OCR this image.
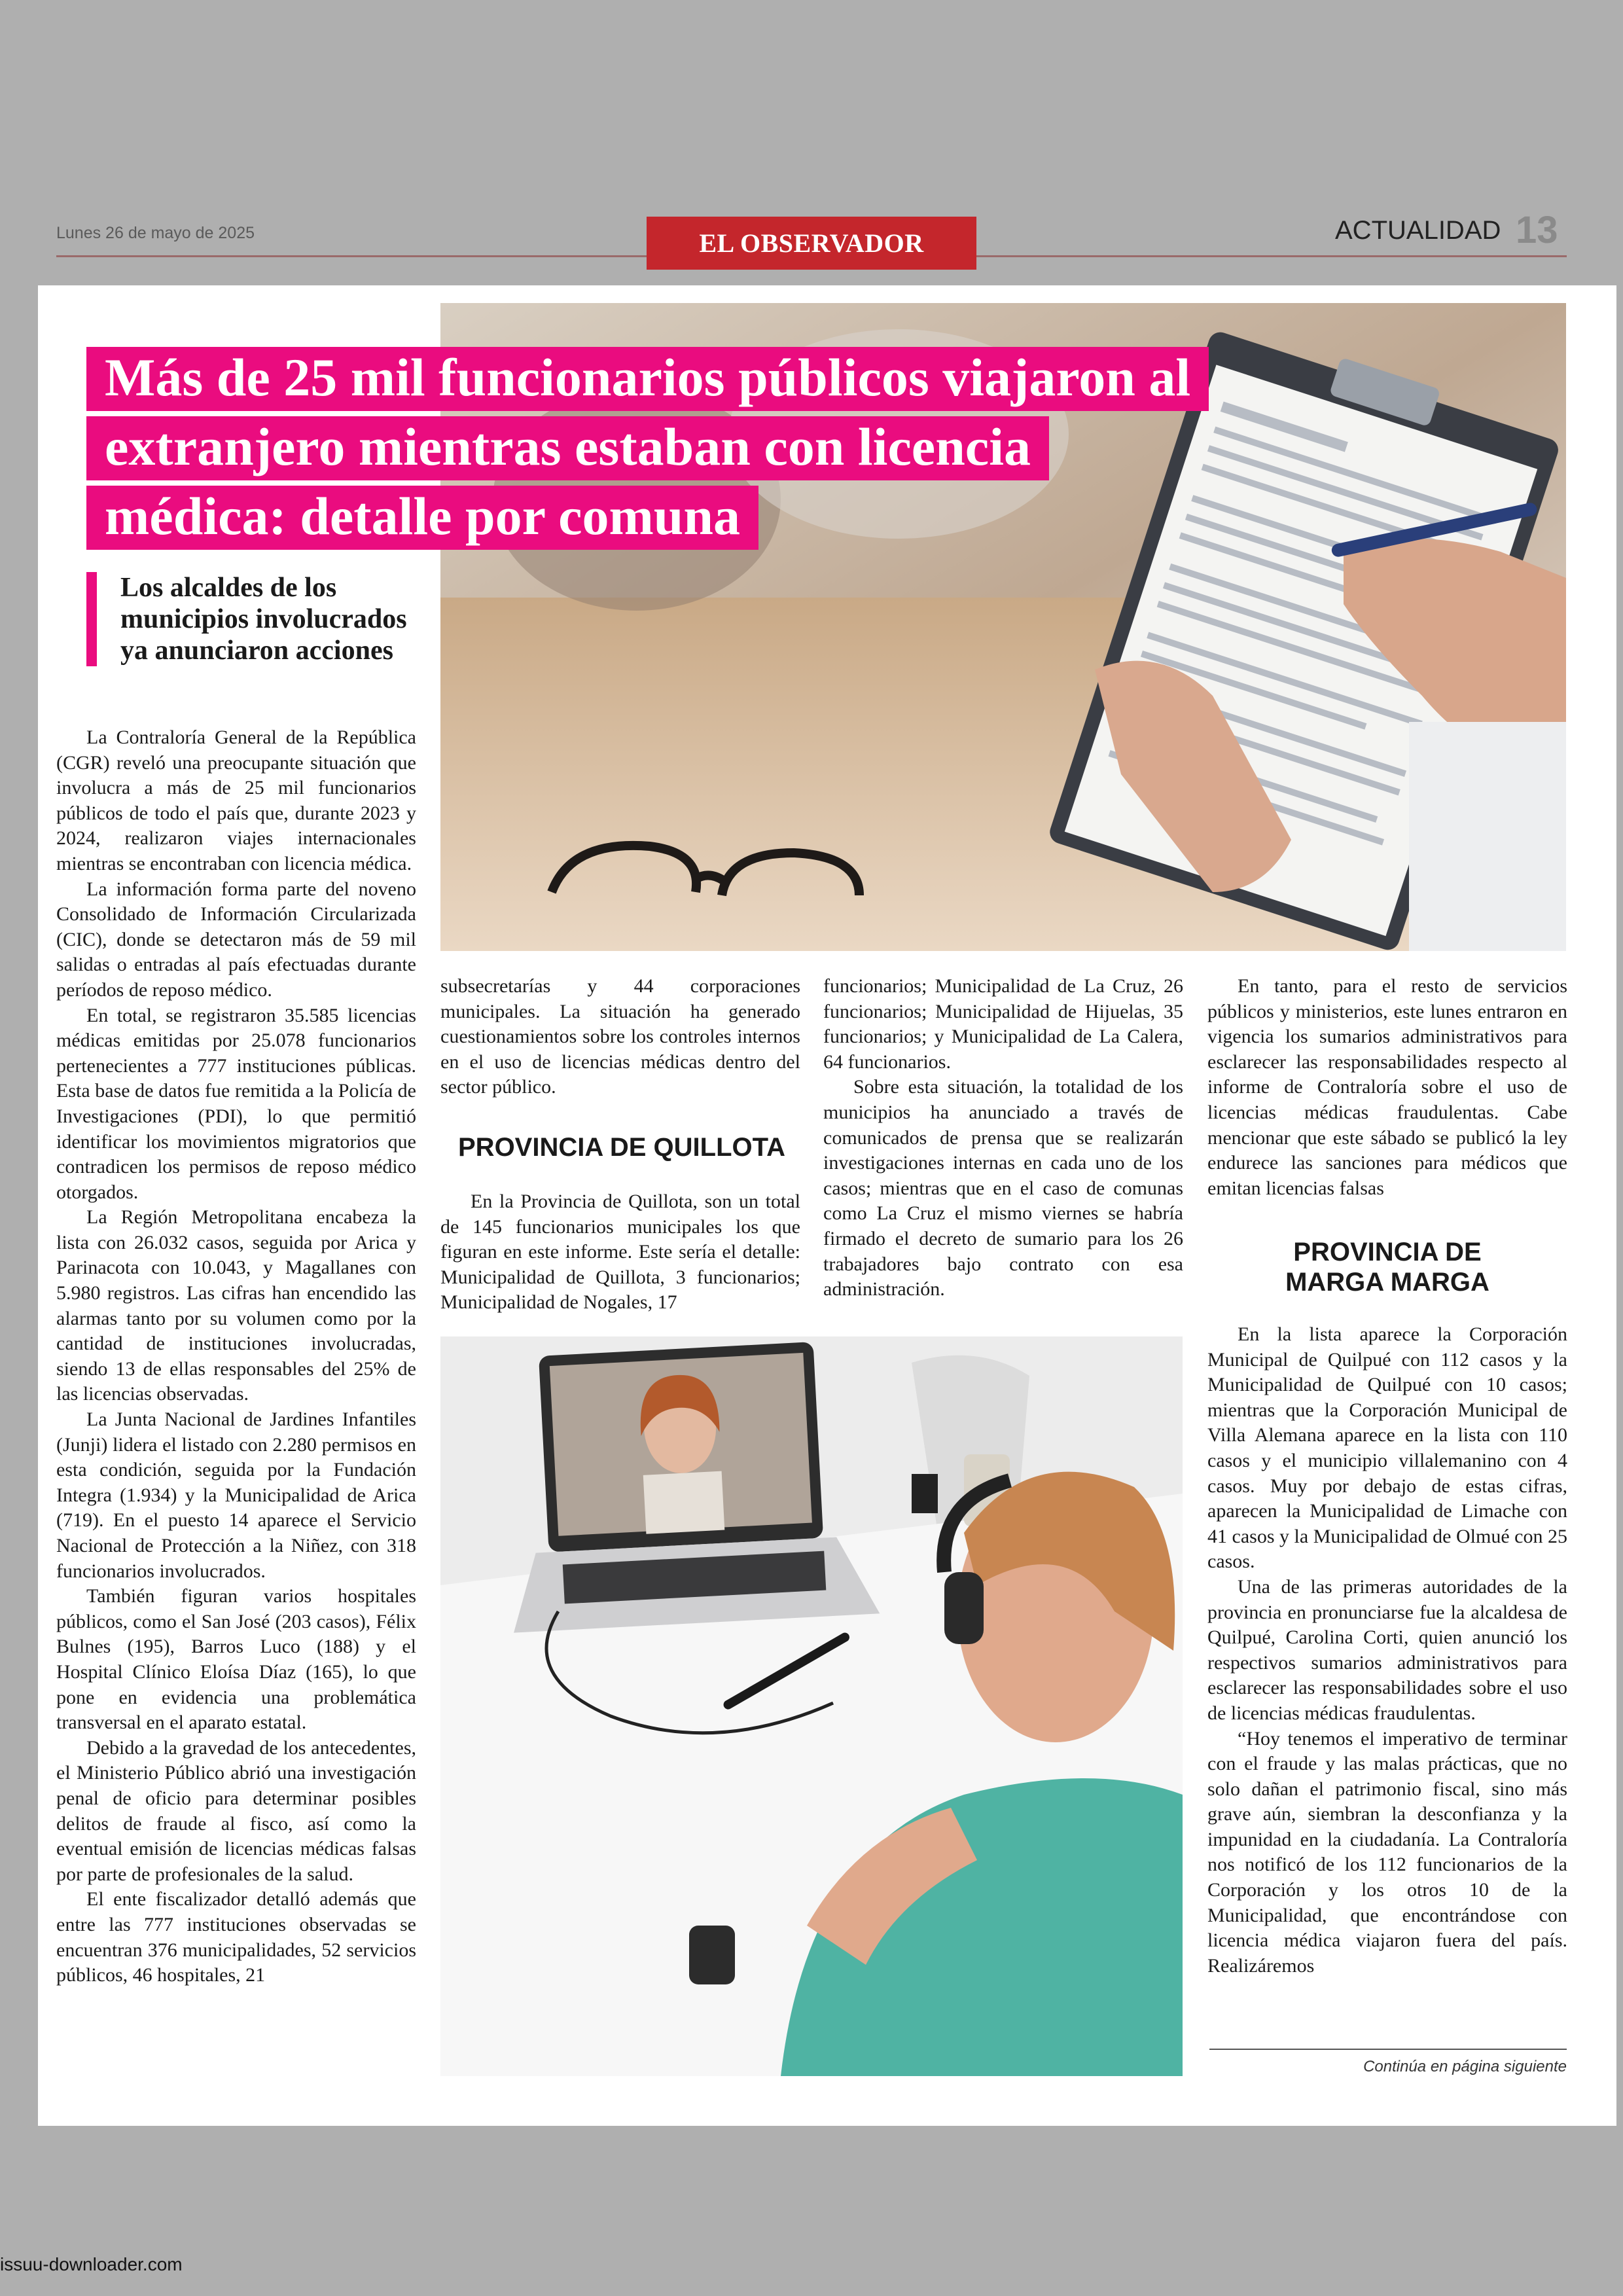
Lunes 26 de mayo de 2025	EL OBSERVADOR	ACTUALIDAD 13
Más de 25 mil funcionarios públicos viajaron al
extranjero mientras estaban con licencia
médica: detalle por comuna
Los alcaldes de los municipios involucrados ya anunciaron acciones

La Contraloría General de la República (CGR) reveló una preocupante situación que involucra a más de 25 mil funcionarios públicos de todo el país que, durante 2023 y 2024, realizaron viajes internacionales mientras se encontraban con licencia médica.

La información forma parte del noveno Consolidado de Información Circularizada (CIC), donde se detectaron más de 59 mil salidas o entradas al país efectuadas durante períodos de reposo médico.

En total, se registraron 35.585 licencias médicas emitidas por 25.078 funcionarios pertenecientes a 777 instituciones públicas. Esta base de datos fue remitida a la Policía de Investigaciones (PDI), lo que permitió identificar los movimientos migratorios que contradicen los permisos de reposo médico otorgados.

La Región Metropolitana encabeza la lista con 26.032 casos, seguida por Arica y Parinacota con 10.043, y Magallanes con 5.980 registros. Las cifras han encendido las alarmas tanto por su volumen como por la cantidad de instituciones involucradas, siendo 13 de ellas responsables del 25% de las licencias observadas.

La Junta Nacional de Jardines Infantiles (Junji) lidera el listado con 2.280 permisos en esta condición, seguida por la Fundación Integra (1.934) y la Municipalidad de Arica (719). En el puesto 14 aparece el Servicio Nacional de Protección a la Niñez, con 318 funcionarios involucrados.

También figuran varios hospitales públicos, como el San José (203 casos), Félix Bulnes (195), Barros Luco (188) y el Hospital Clínico Eloísa Díaz (165), lo que pone en evidencia una problemática transversal en el aparato estatal.

Debido a la gravedad de los antecedentes, el Ministerio Público abrió una investigación penal de oficio para determinar posibles delitos de fraude al fisco, así como la eventual emisión de licencias médicas falsas por parte de profesionales de la salud.

El ente fiscalizador detalló además que entre las 777 instituciones observadas se encuentran 376 municipalidades, 52 servicios públicos, 46 hospitales, 21

subsecretarías y 44 corporaciones municipales. La situación ha generado cuestionamientos sobre los controles internos en el uso de licencias médicas dentro del sector público.

PROVINCIA DE QUILLOTA

En la Provincia de Quillota, son un total de 145 funcionarios municipales los que figuran en este informe. Este sería el detalle: Municipalidad de Quillota, 3 funcionarios; Municipalidad de Nogales, 17

funcionarios; Municipalidad de La Cruz, 26 funcionarios; Municipalidad de Hijuelas, 35 funcionarios; y Municipalidad de La Calera, 64 funcionarios.

Sobre esta situación, la totalidad de los municipios ha anunciado a través de comunicados de prensa que se realizarán investigaciones internas en cada uno de los casos; mientras que en el caso de comunas como La Cruz el mismo viernes se habría firmado el decreto de sumario para los 26 trabajadores bajo contrato con esa administración.

En tanto, para el resto de servicios públicos y ministerios, este lunes entraron en vigencia los sumarios administrativos para esclarecer las responsabilidades respecto al informe de Contraloría sobre el uso de licencias médicas fraudulentas. Cabe mencionar que este sábado se publicó la ley endurece las sanciones para médicos que emitan licencias falsas

PROVINCIA DE
MARGA MARGA

En la lista aparece la Corporación Municipal de Quilpué con 112 casos y la Municipalidad de Quilpué con 10 casos; mientras que la Corporación Municipal de Villa Alemana aparece en la lista con 110 casos y el municipio villalemanino con 4 casos. Muy por debajo de estas cifras, aparecen la Municipalidad de Limache con 41 casos y la Municipalidad de Olmué con 25 casos.

Una de las primeras autoridades de la provincia en pronunciarse fue la alcaldesa de Quilpué, Carolina Corti, quien anunció los respectivos sumarios administrativos para esclarecer las responsabilidades sobre el uso de licencias médicas fraudulentas.

“Hoy tenemos el imperativo de terminar con el fraude y las malas prácticas, que no solo dañan el patrimonio fiscal, sino más grave aún, siembran la desconfianza y la impunidad en la ciudadanía. La Contraloría nos notificó de los 112 funcionarios de la Corporación y los otros 10 de la Municipalidad, que encontrándose con licencia médica viajaron fuera del país. Realizáremos

Continúa en página siguiente
issuu-downloader.com
